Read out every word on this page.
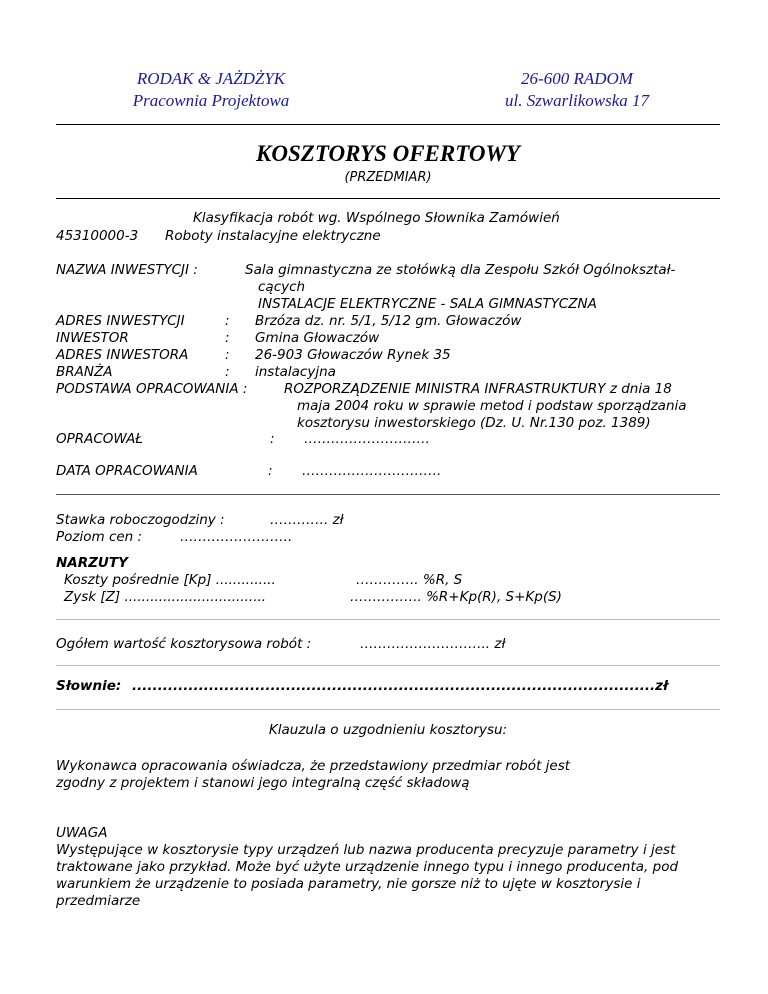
RODAK & JAŻDŻYK
Pracownia Projektowa
26-600 RADOM
ul. Szwarlikowska 17
KOSZTORYS OFERTOWY
(PRZEDMIAR)
Klasyfikacja robót wg. Wspólnego Słownika Zamówień
45310000-3 Roboty instalacyjne elektryczne
NAZWA INWESTYCJI :	Sala gimnastyczna ze stołówką dla Zespołu Szkół Ogólnokształ-
cących
INSTALACJE ELEKTRYCZNE - SALA GIMNASTYCZNA
ADRES INWESTYCJI	: Brzóza dz. nr. 5/1, 5/12 gm. Głowaczów
INWESTOR	: Gmina Głowaczów
ADRES INWESTORA	: 26-903 Głowaczów Rynek 35
BRANŻA	: instalacyjna
PODSTAWA OPRACOWANIA :	ROZPORZĄDZENIE MINISTRA INFRASTRUKTURY z dnia 18
maja 2004 roku w sprawie metod i podstaw sporządzania
kosztorysu inwestorskiego (Dz. U. Nr.130 poz. 1389)
OPRACOWAŁ	: ……………………….
DATA OPRACOWANIA	: ………………………….
Stawka roboczogodziny :	…………. zł
Poziom cen :	…………………….
NARZUTY
Koszty pośrednie [Kp] ..............	………….. %R, S
Zysk [Z] .................................	……………. %R+Kp(R), S+Kp(S)
Ogółem wartość kosztorysowa robót :	……………………….. zł
Słownie: ......................................................................................................zł
Klauzula o uzgodnieniu kosztorysu:
Wykonawca opracowania oświadcza, że przedstawiony przedmiar robót jest
zgodny z projektem i stanowi jego integralną część składową
UWAGA
Występujące w kosztorysie typy urządzeń lub nazwa producenta precyzuje parametry i jest
traktowane jako przykład. Może być użyte urządzenie innego typu i innego producenta, pod
warunkiem że urządzenie to posiada parametry, nie gorsze niż to ujęte w kosztorysie i
przedmiarze
